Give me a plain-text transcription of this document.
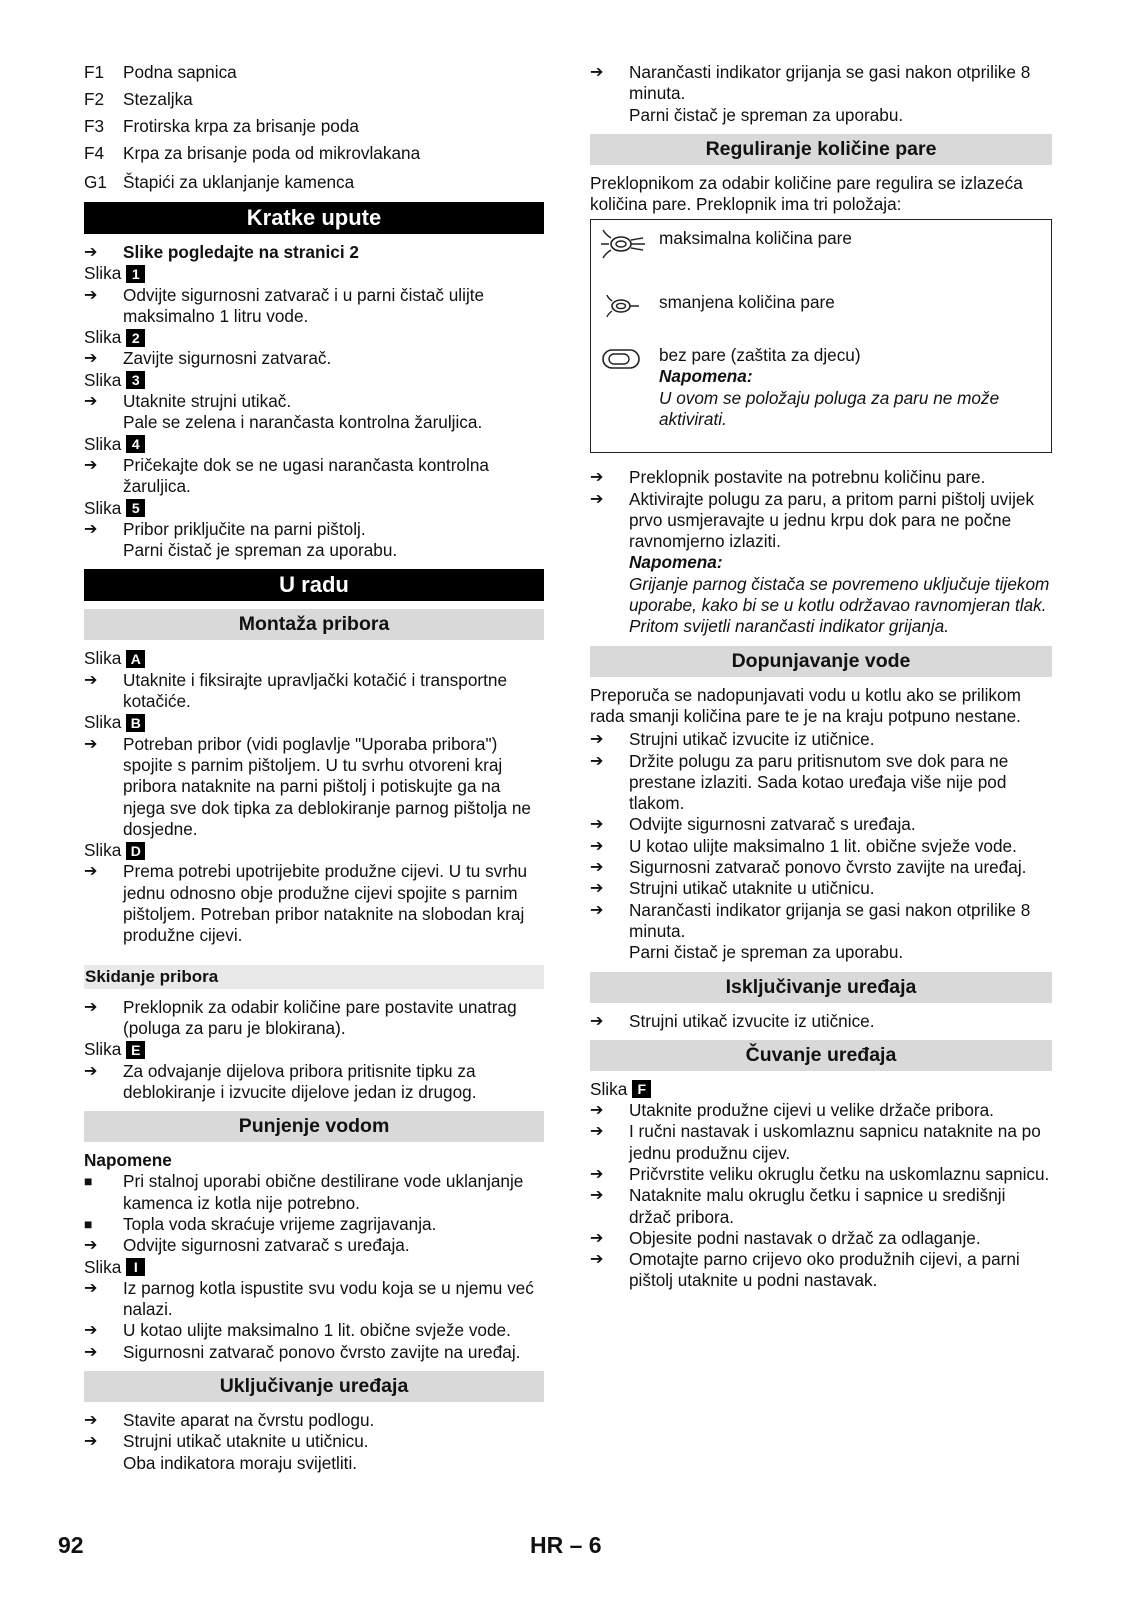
F1	Podna sapnica
F2	Stezaljka
F3	Frotirska krpa za brisanje poda
F4	Krpa za brisanje poda od mikrovlakana
G1 Štapići za uklanjanje kamenca
Kratke upute
➔	Slike pogledajte na stranici 2
Slika 1
➔	Odvijte sigurnosni zatvarač i u parni čistač ulijte maksimalno 1 litru vode.
Slika 2
➔	Zavijte sigurnosni zatvarač.
Slika 3
➔	Utaknite strujni utikač.
Pale se zelena i narančasta kontrolna žaruljica.
Slika 4
➔	Pričekajte dok se ne ugasi narančasta kontrolna žaruljica.
Slika 5
➔	Pribor priključite na parni pištolj.
Parni čistač je spreman za uporabu.
U radu
Montaža pribora
Slika A
➔	Utaknite i fiksirajte upravljački kotačić i transportne kotačiće.
Slika B
➔	Potreban pribor (vidi poglavlje "Uporaba pribora") spojite s parnim pištoljem. U tu svrhu otvoreni kraj pribora nataknite na parni pištolj i potiskujte ga na njega sve dok tipka za deblokiranje parnog pištolja ne dosjedne.
Slika D
➔	Prema potrebi upotrijebite produžne cijevi. U tu svrhu jednu odnosno obje produžne cijevi spojite s parnim pištoljem. Potreban pribor nataknite na slobodan kraj produžne cijevi.
Skidanje pribora
➔	Preklopnik za odabir količine pare postavite unatrag (poluga za paru je blokirana).
Slika E
➔	Za odvajanje dijelova pribora pritisnite tipku za deblokiranje i izvucite dijelove jedan iz drugog.
Punjenje vodom
Napomene
■	Pri stalnoj uporabi obične destilirane vode uklanjanje kamenca iz kotla nije potrebno.
■	Topla voda skraćuje vrijeme zagrijavanja.
➔	Odvijte sigurnosni zatvarač s uređaja.
Slika I
➔	Iz parnog kotla ispustite svu vodu koja se u njemu već nalazi.
➔	U kotao ulijte maksimalno 1 lit. obične svježe vode.
➔	Sigurnosni zatvarač ponovo čvrsto zavijte na uređaj.
Uključivanje uređaja
➔	Stavite aparat na čvrstu podlogu.
➔	Strujni utikač utaknite u utičnicu.
Oba indikatora moraju svijetliti.
➔	Narančasti indikator grijanja se gasi nakon otprilike 8 minuta.
Parni čistač je spreman za uporabu.
Reguliranje količine pare
Preklopnikom za odabir količine pare regulira se izlazeća količina pare. Preklopnik ima tri položaja:
maksimalna količina pare
smanjena količina pare
bez pare (zaštita za djecu)
Napomena:
U ovom se položaju poluga za paru ne može aktivirati.
➔	Preklopnik postavite na potrebnu količinu pare.
➔	Aktivirajte polugu za paru, a pritom parni pištolj uvijek prvo usmjeravajte u jednu krpu dok para ne počne ravnomjerno izlaziti.
Napomena:
Grijanje parnog čistača se povremeno uključuje tijekom uporabe, kako bi se u kotlu održavao ravnomjeran tlak. Pritom svijetli narančasti indikator grijanja.
Dopunjavanje vode
Preporuča se nadopunjavati vodu u kotlu ako se prilikom rada smanji količina pare te je na kraju potpuno nestane.
➔	Strujni utikač izvucite iz utičnice.
➔	Držite polugu za paru pritisnutom sve dok para ne prestane izlaziti. Sada kotao uređaja više nije pod tlakom.
➔	Odvijte sigurnosni zatvarač s uređaja.
➔	U kotao ulijte maksimalno 1 lit. obične svježe vode.
➔	Sigurnosni zatvarač ponovo čvrsto zavijte na uređaj.
➔	Strujni utikač utaknite u utičnicu.
➔	Narančasti indikator grijanja se gasi nakon otprilike 8 minuta.
Parni čistač je spreman za uporabu.
Isključivanje uređaja
➔	Strujni utikač izvucite iz utičnice.
Čuvanje uređaja
Slika F
➔	Utaknite produžne cijevi u velike držače pribora.
➔	I ručni nastavak i uskomlaznu sapnicu nataknite na po jednu produžnu cijev.
➔	Pričvrstite veliku okruglu četku na uskomlaznu sapnicu.
➔	Nataknite malu okruglu četku i sapnice u središnji držač pribora.
➔	Objesite podni nastavak o držač za odlaganje.
➔	Omotajte parno crijevo oko produžnih cijevi, a parni pištolj utaknite u podni nastavak.
92	HR – 6
